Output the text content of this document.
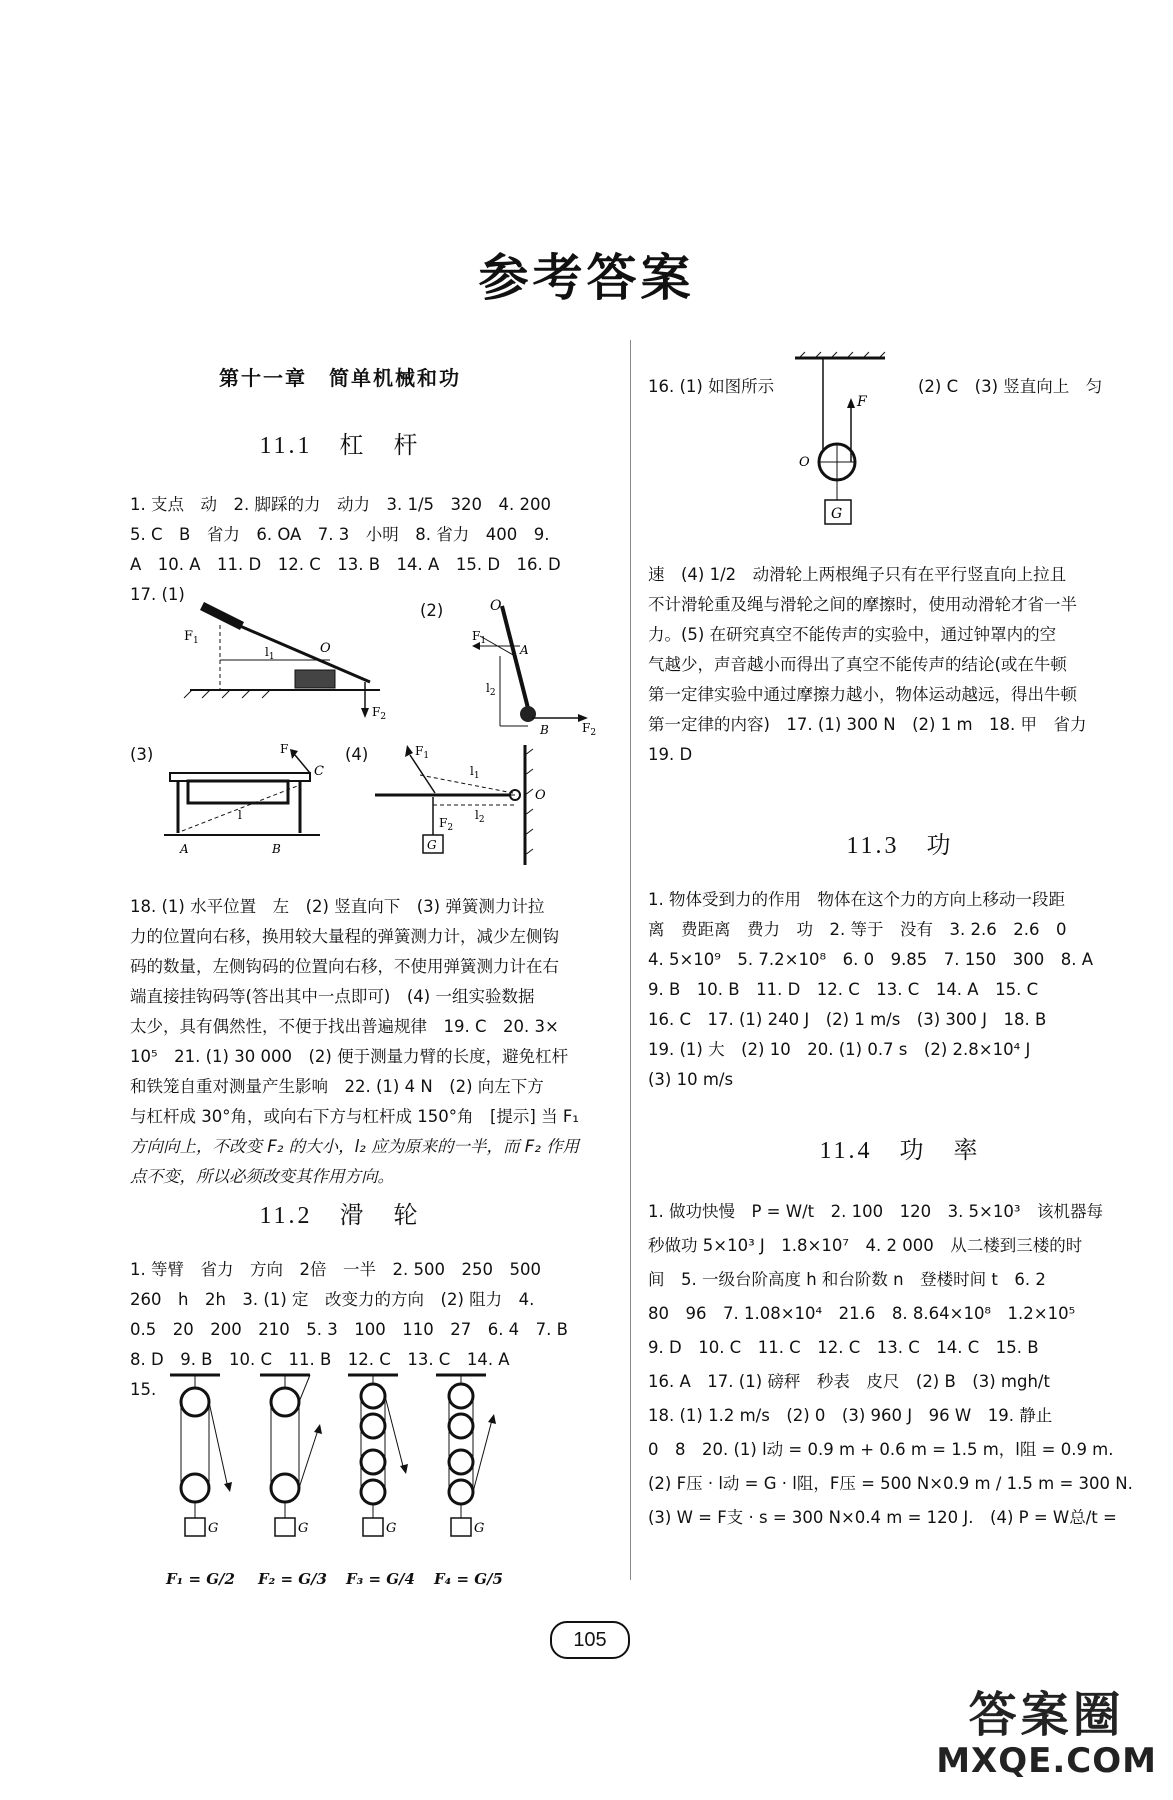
参考答案
第十一章　简单机械和功
11.1　杠　杆

1. 支点　动　2. 脚踩的力　动力　3. 1/5　320　4. 200

5. C　B　省力　6. OA　7. 3　小明　8. 省力　400　9.

A　10. A　11. D　12. C　13. B　14. A　15. D　16. D

17. (1)

$F_1$	O
$l_1$
$F_2$
(2)	O
$F_1$
A
$l_2$
B	$F_2$
(3)	F
C
l
A	B
(4)	$F_1$
$l_1$
$F_2$
$l_2$
G
O

18. (1) 水平位置　左　(2) 竖直向下　(3) 弹簧测力计拉

力的位置向右移，换用较大量程的弹簧测力计，减少左侧钩

码的数量，左侧钩码的位置向右移，不使用弹簧测力计在右

端直接挂钩码等(答出其中一点即可)　(4) 一组实验数据

太少，具有偶然性，不便于找出普遍规律　19. C　20. 3×

10⁵　21. (1) 30 000　(2) 便于测量力臂的长度，避免杠杆

和铁笼自重对测量产生影响　22. (1) 4 N　(2) 向左下方

与杠杆成 30°角，或向右下方与杠杆成 150°角　[提示] 当 F₁

方向向上，不改变 F₂ 的大小，l₂ 应为原来的一半，而 F₂ 作用

点不变，所以必须改变其作用方向。

11.2　滑　轮

1. 等臂　省力　方向　2倍　一半　2. 500　250　500

260　h　2h　3. (1) 定　改变力的方向　(2) 阻力　4.

0.5　20　200　210　5. 3　100　110　27　6. 4　7. B

8. D　9. B　10. C　11. B　12. C　13. C　14. A

15.

G	G	G	G
F₁ = G/2 F₂ = G/3 F₃ = G/4 F₄ = G/5
16. (1) 如图所示	(2) C　(3) 竖直向上　匀
F
O
G

速　(4) 1/2　动滑轮上两根绳子只有在平行竖直向上拉且

不计滑轮重及绳与滑轮之间的摩擦时，使用动滑轮才省一半

力。(5) 在研究真空不能传声的实验中，通过钟罩内的空

气越少，声音越小而得出了真空不能传声的结论(或在牛顿

第一定律实验中通过摩擦力越小，物体运动越远，得出牛顿

第一定律的内容)　17. (1) 300 N　(2) 1 m　18. 甲　省力

19. D

11.3　功

1. 物体受到力的作用　物体在这个力的方向上移动一段距

离　费距离　费力　功　2. 等于　没有　3. 2.6　2.6　0

4. 5×10⁹　5. 7.2×10⁸　6. 0　9.85　7. 150　300　8. A

9. B　10. B　11. D　12. C　13. C　14. A　15. C

16. C　17. (1) 240 J　(2) 1 m/s　(3) 300 J　18. B

19. (1) 大　(2) 10　20. (1) 0.7 s　(2) 2.8×10⁴ J

(3) 10 m/s

11.4　功　率

1. 做功快慢　P = W/t　2. 100　120　3. 5×10³　该机器每

秒做功 5×10³ J　1.8×10⁷　4. 2 000　从二楼到三楼的时

间　5. 一级台阶高度 h 和台阶数 n　登楼时间 t　6. 2

80　96　7. 1.08×10⁴　21.6　8. 8.64×10⁸　1.2×10⁵

9. D　10. C　11. C　12. C　13. C　14. C　15. B

16. A　17. (1) 磅秤　秒表　皮尺　(2) B　(3) mgh/t

18. (1) 1.2 m/s　(2) 0　(3) 960 J　96 W　19. 静止

0　8　20. (1) l动 = 0.9 m + 0.6 m = 1.5 m，l阻 = 0.9 m.

(2) F压 · l动 = G · l阻，F压 = 500 N×0.9 m / 1.5 m = 300 N.

(3) W = F支 · s = 300 N×0.4 m = 120 J.　(4) P = W总/t =

105
答案圈
MXQE.COM
